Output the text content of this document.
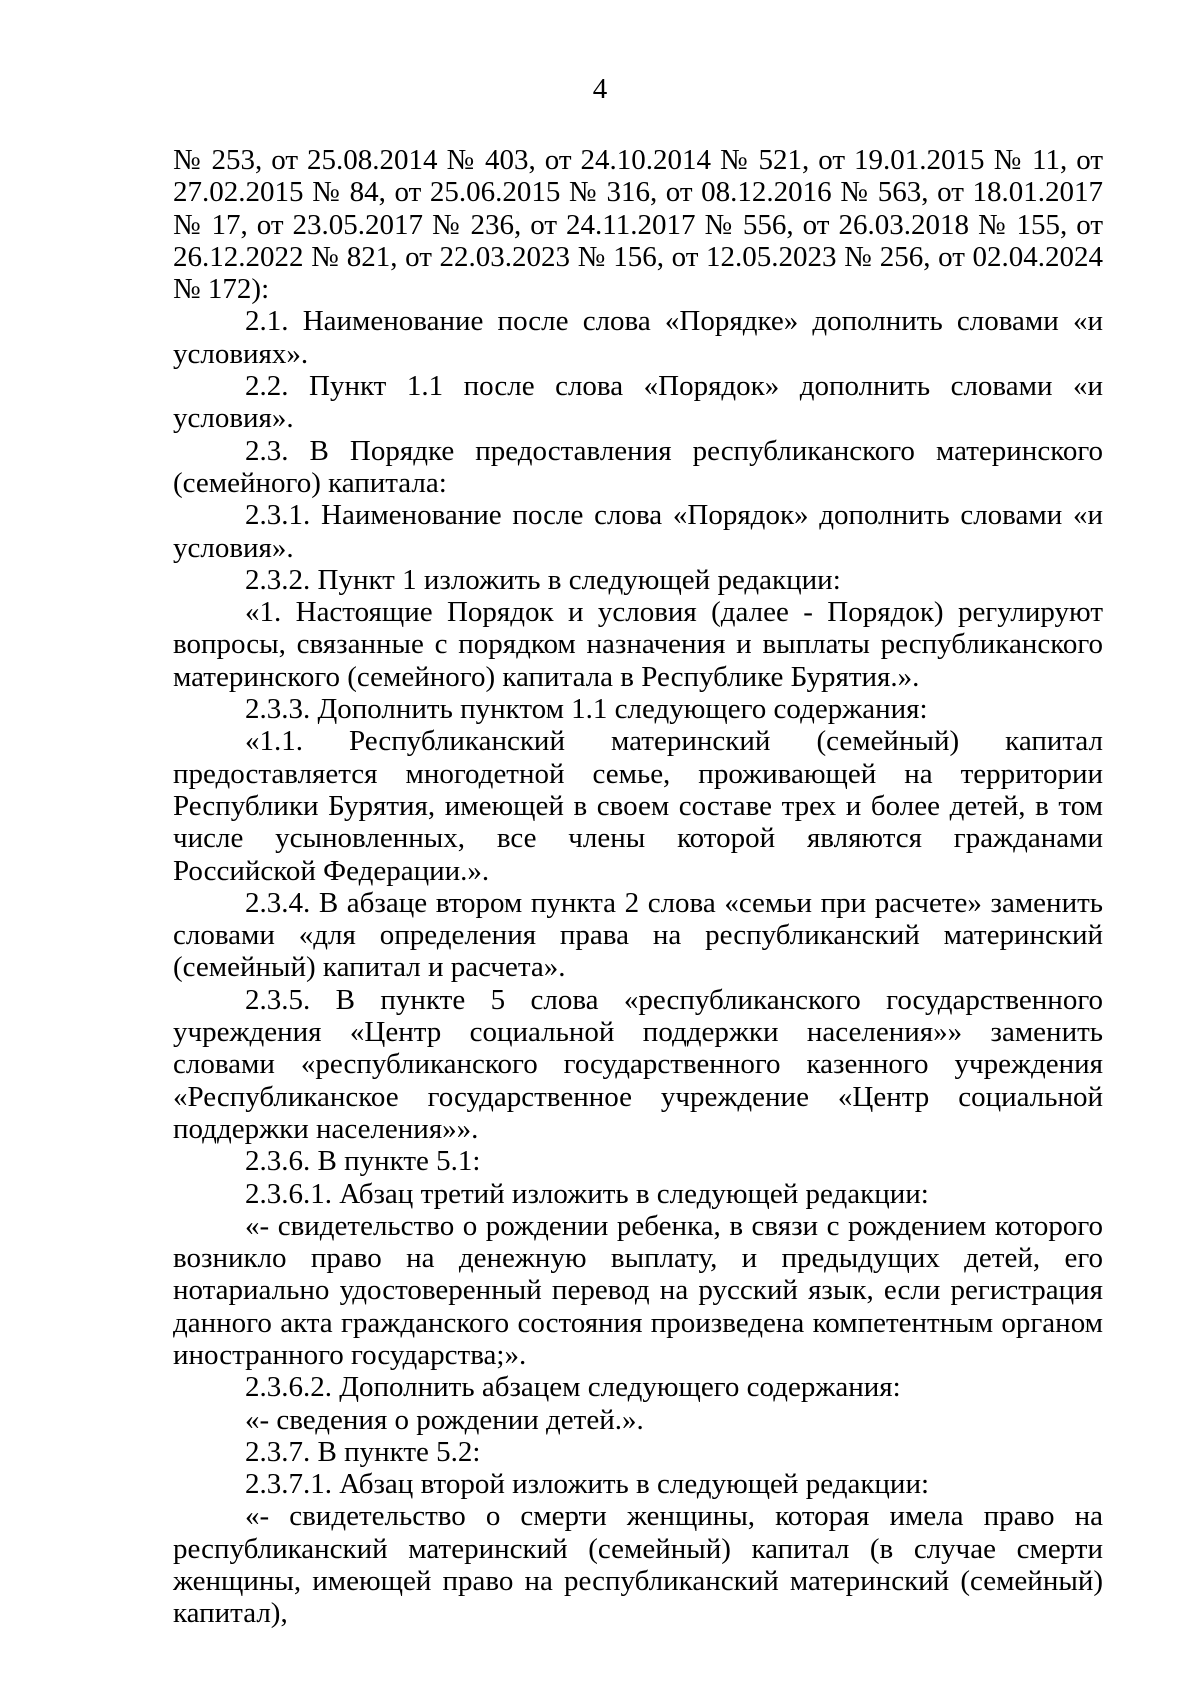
4

№ 253, от 25.08.2014 № 403, от 24.10.2014 № 521, от 19.01.2015 № 11, от 27.02.2015 № 84, от 25.06.2015 № 316, от 08.12.2016 № 563, от 18.01.2017 № 17, от 23.05.2017 № 236, от 24.11.2017 № 556, от 26.03.2018 № 155, от 26.12.2022 № 821, от 22.03.2023 № 156, от 12.05.2023 № 256, от 02.04.2024 № 172):

2.1. Наименование после слова «Порядке» дополнить словами «и условиях».

2.2. Пункт 1.1 после слова «Порядок» дополнить словами «и условия».

2.3. В Порядке предоставления республиканского материнского (семейного) капитала:

2.3.1. Наименование после слова «Порядок» дополнить словами «и условия».

2.3.2. Пункт 1 изложить в следующей редакции:

«1. Настоящие Порядок и условия (далее - Порядок) регулируют вопросы, связанные с порядком назначения и выплаты республиканского материнского (семейного) капитала в Республике Бурятия.».

2.3.3. Дополнить пунктом 1.1 следующего содержания:

«1.1. Республиканский материнский (семейный) капитал предоставляется многодетной семье, проживающей на территории Республики Бурятия, имеющей в своем составе трех и более детей, в том числе усыновленных, все члены которой являются гражданами Российской Федерации.».

2.3.4. В абзаце втором пункта 2 слова «семьи при расчете» заменить словами «для определения права на республиканский материнский (семейный) капитал и расчета».

2.3.5. В пункте 5 слова «республиканского государственного учреждения «Центр социальной поддержки населения»» заменить словами «республиканского государственного казенного учреждения «Республиканское государственное учреждение «Центр социальной поддержки населения»».

2.3.6. В пункте 5.1:

2.3.6.1. Абзац третий изложить в следующей редакции:

«- свидетельство о рождении ребенка, в связи с рождением которого возникло право на денежную выплату, и предыдущих детей, его нотариально удостоверенный перевод на русский язык, если регистрация данного акта гражданского состояния произведена компетентным органом иностранного государства;».

2.3.6.2. Дополнить абзацем следующего содержания:

«- сведения о рождении детей.».

2.3.7. В пункте 5.2:

2.3.7.1. Абзац второй изложить в следующей редакции:

«- свидетельство о смерти женщины, которая имела право на республиканский материнский (семейный) капитал (в случае смерти женщины, имеющей право на республиканский материнский (семейный) капитал),
